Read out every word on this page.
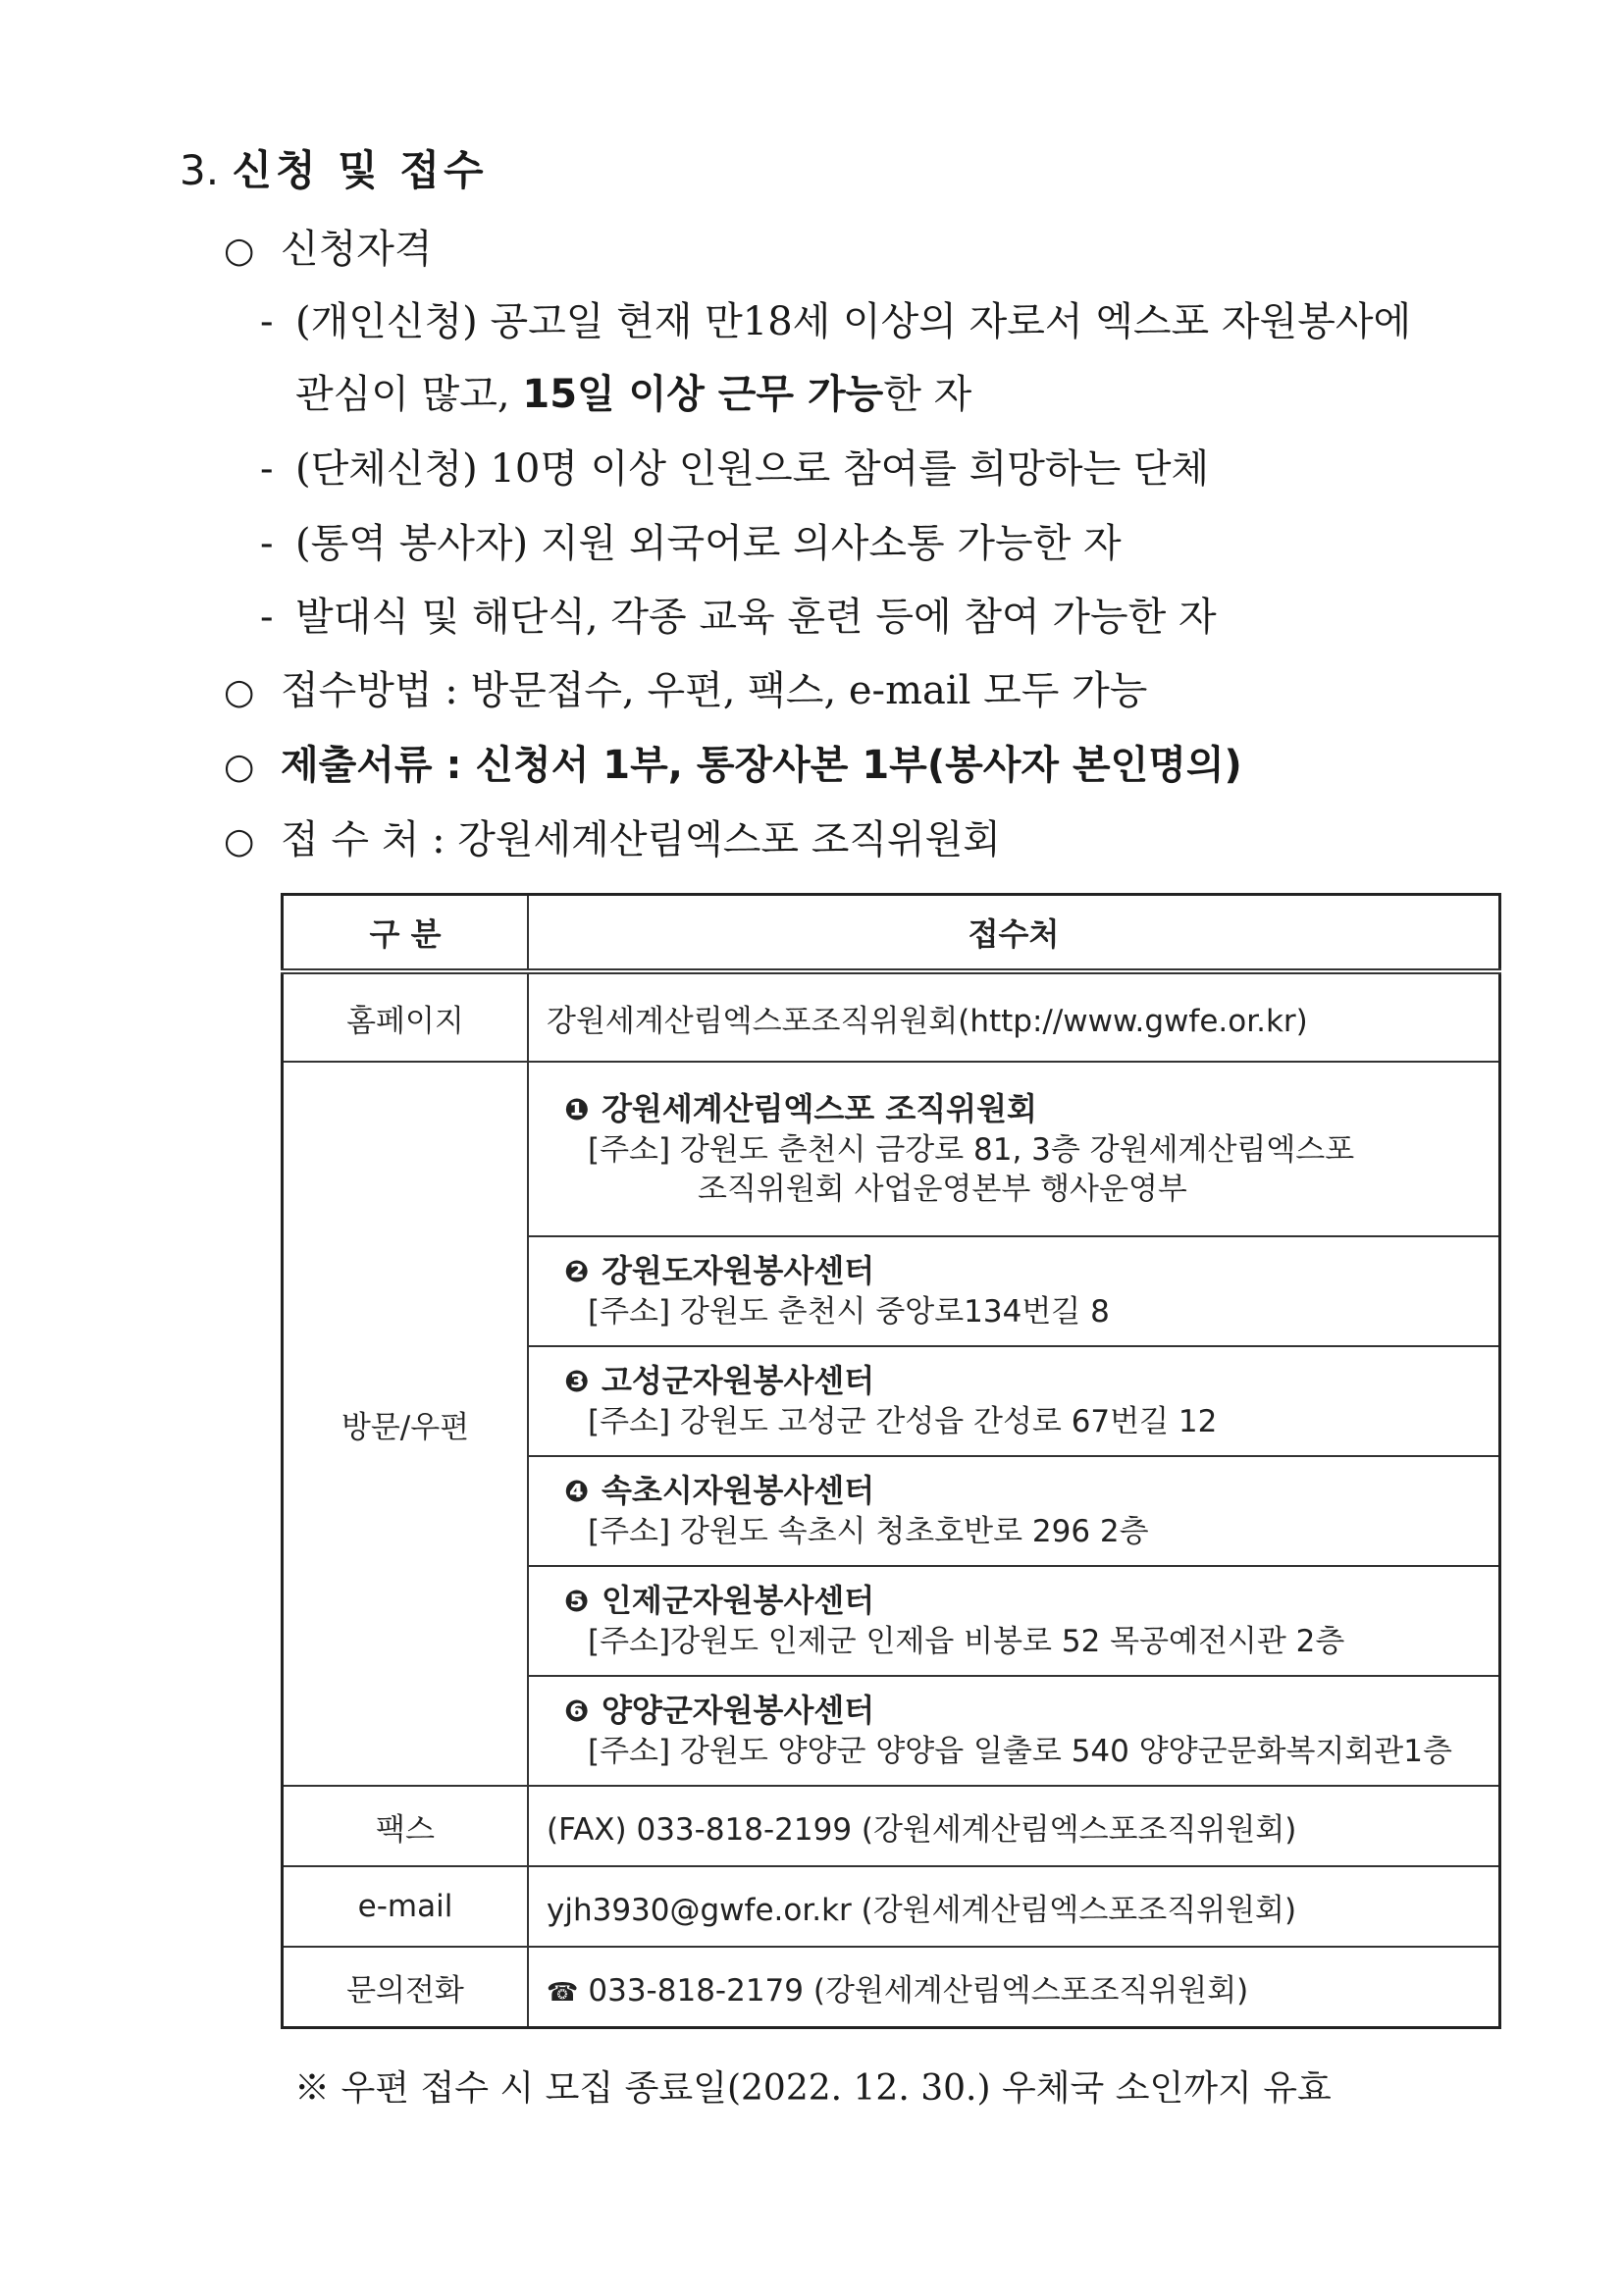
3. 신청 및 접수
○ 신청자격
- (개인신청) 공고일 현재 만18세 이상의 자로서 엑스포 자원봉사에
관심이 많고, 15일 이상 근무 가능한 자
- (단체신청) 10명 이상 인원으로 참여를 희망하는 단체
- (통역 봉사자) 지원 외국어로 의사소통 가능한 자
- 발대식 및 해단식, 각종 교육 훈련 등에 참여 가능한 자
○ 접수방법 : 방문접수, 우편, 팩스, e-mail 모두 가능
○ 제출서류 : 신청서 1부, 통장사본 1부(봉사자 본인명의)
○ 접 수 처 : 강원세계산림엑스포 조직위원회
구 분	접수처
홈페이지	강원세계산림엑스포조직위원회(http://www.gwfe.or.kr)
방문/우편	❶ 강원세계산림엑스포 조직위원회
[주소] 강원도 춘천시 금강로 81, 3층 강원세계산림엑스포
조직위원회 사업운영본부 행사운영부

	❷ 강원도자원봉사센터
[주소] 강원도 춘천시 중앙로134번길 8

	❸ 고성군자원봉사센터
[주소] 강원도 고성군 간성읍 간성로 67번길 12

	❹ 속초시자원봉사센터
[주소] 강원도 속초시 청초호반로 296 2층

	❺ 인제군자원봉사센터
[주소]강원도 인제군 인제읍 비봉로 52 목공예전시관 2층

	❻ 양양군자원봉사센터
[주소] 강원도 양양군 양양읍 일출로 540 양양군문화복지회관1층

팩스	(FAX) 033-818-2199 (강원세계산림엑스포조직위원회)
e-mail	yjh3930@gwfe.or.kr (강원세계산림엑스포조직위원회)
문의전화	☎ 033-818-2179 (강원세계산림엑스포조직위원회)
※ 우편 접수 시 모집 종료일(2022. 12. 30.) 우체국 소인까지 유효
